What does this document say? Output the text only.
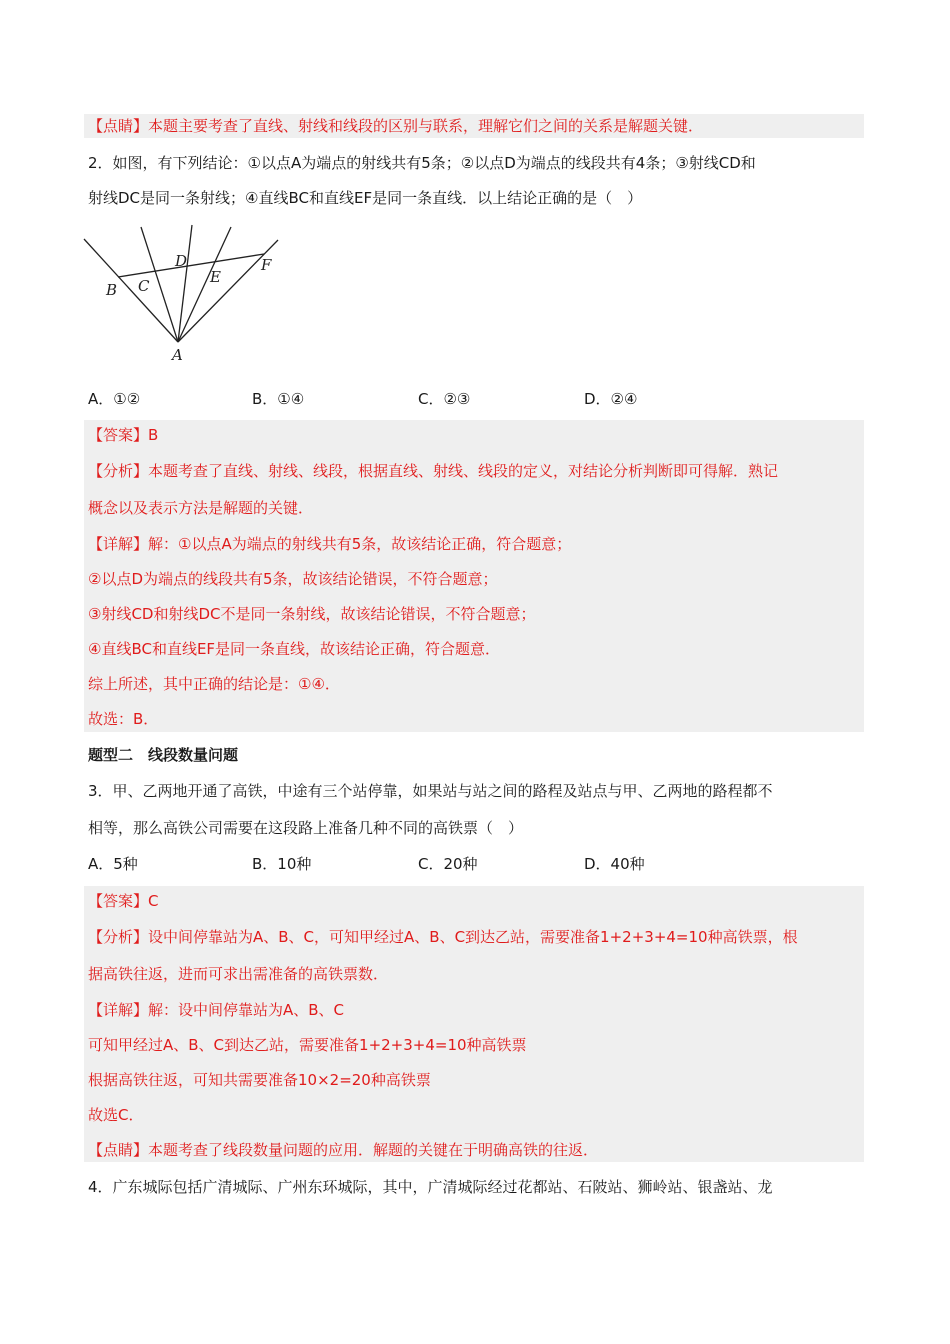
【点睛】本题主要考查了直线、射线和线段的区别与联系，理解它们之间的关系是解题关键．
2．如图，有下列结论：①以点A为端点的射线共有5条；②以点D为端点的线段共有4条；③射线CD和
射线DC是同一条射线；④直线BC和直线EF是同一条直线．以上结论正确的是（　）
B C
D
E
F
A
A．①②	B．①④	C．②③	D．②④
【答案】B
【分析】本题考查了直线、射线、线段，根据直线、射线、线段的定义，对结论分析判断即可得解．熟记
概念以及表示方法是解题的关键．
【详解】解：①以点A为端点的射线共有5条，故该结论正确，符合题意；
②以点D为端点的线段共有5条，故该结论错误，不符合题意；
③射线CD和射线DC不是同一条射线，故该结论错误，不符合题意；
④直线BC和直线EF是同一条直线，故该结论正确，符合题意．
综上所述，其中正确的结论是：①④．
故选：B．
题型二　线段数量问题
3．甲、乙两地开通了高铁，中途有三个站停靠，如果站与站之间的路程及站点与甲、乙两地的路程都不
相等，那么高铁公司需要在这段路上准备几种不同的高铁票（　）
A．5种	B．10种	C．20种	D．40种
【答案】C
【分析】设中间停靠站为A、B、C，可知甲经过A、B、C到达乙站，需要准备1+2+3+4=10种高铁票，根
据高铁往返，进而可求出需准备的高铁票数．
【详解】解：设中间停靠站为A、B、C
可知甲经过A、B、C到达乙站，需要准备1+2+3+4=10种高铁票
根据高铁往返，可知共需要准备10×2=20种高铁票
故选C．
【点睛】本题考查了线段数量问题的应用．解题的关键在于明确高铁的往返．
4．广东城际包括广清城际、广州东环城际，其中，广清城际经过花都站、石陂站、狮岭站、银盏站、龙
